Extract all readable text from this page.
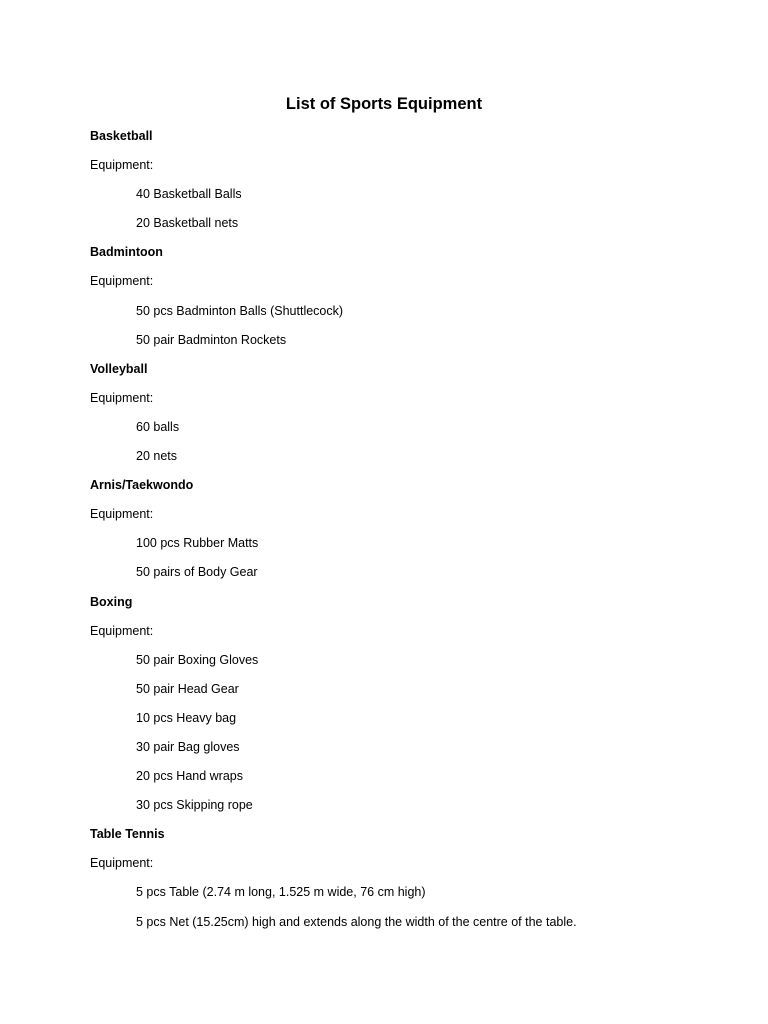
List of Sports Equipment
Basketball
Equipment:
40 Basketball Balls
20 Basketball nets
Badmintoon
Equipment:
50 pcs Badminton Balls (Shuttlecock)
50 pair Badminton Rockets
Volleyball
Equipment:
60 balls
20 nets
Arnis/Taekwondo
Equipment:
100 pcs Rubber Matts
50 pairs of Body Gear
Boxing
Equipment:
50 pair Boxing Gloves
50 pair Head Gear
10 pcs Heavy bag
30 pair Bag gloves
20 pcs Hand wraps
30 pcs Skipping rope
Table Tennis
Equipment:
5 pcs Table (2.74 m long, 1.525 m wide, 76 cm high)
5 pcs Net (15.25cm) high and extends along the width of the centre of the table.
